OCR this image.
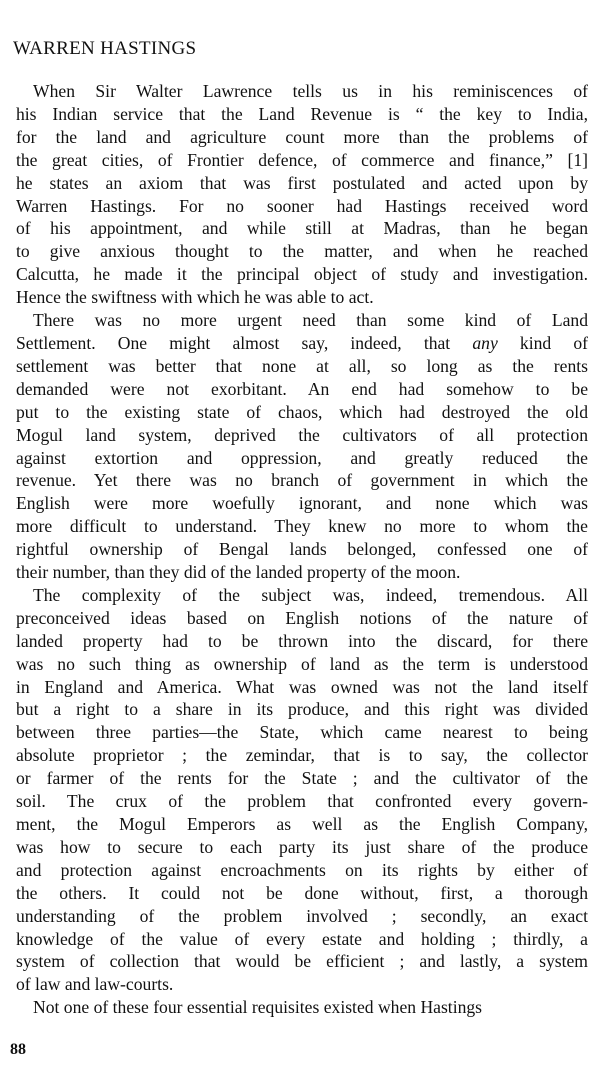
WARREN HASTINGS

When Sir Walter Lawrence tells us in his reminiscences of
his Indian service that the Land Revenue is “ the key to India,
for the land and agriculture count more than the problems of
the great cities, of Frontier defence, of commerce and finance,” [1]
he states an axiom that was first postulated and acted upon by
Warren Hastings. For no sooner had Hastings received word
of his appointment, and while still at Madras, than he began
to give anxious thought to the matter, and when he reached
Calcutta, he made it the principal object of study and investigation.
Hence the swiftness with which he was able to act.

There was no more urgent need than some kind of Land
Settlement. One might almost say, indeed, that any kind of
settlement was better that none at all, so long as the rents
demanded were not exorbitant. An end had somehow to be
put to the existing state of chaos, which had destroyed the old
Mogul land system, deprived the cultivators of all protection
against extortion and oppression, and greatly reduced the
revenue. Yet there was no branch of government in which the
English were more woefully ignorant, and none which was
more difficult to understand. They knew no more to whom the
rightful ownership of Bengal lands belonged, confessed one of
their number, than they did of the landed property of the moon.

The complexity of the subject was, indeed, tremendous. All
preconceived ideas based on English notions of the nature of
landed property had to be thrown into the discard, for there
was no such thing as ownership of land as the term is understood
in England and America. What was owned was not the land itself
but a right to a share in its produce, and this right was divided
between three parties—the State, which came nearest to being
absolute proprietor ; the zemindar, that is to say, the collector
or farmer of the rents for the State ; and the cultivator of the
soil. The crux of the problem that confronted every govern-
ment, the Mogul Emperors as well as the English Company,
was how to secure to each party its just share of the produce
and protection against encroachments on its rights by either of
the others. It could not be done without, first, a thorough
understanding of the problem involved ; secondly, an exact
knowledge of the value of every estate and holding ; thirdly, a
system of collection that would be efficient ; and lastly, a system
of law and law-courts.

Not one of these four essential requisites existed when Hastings

88
